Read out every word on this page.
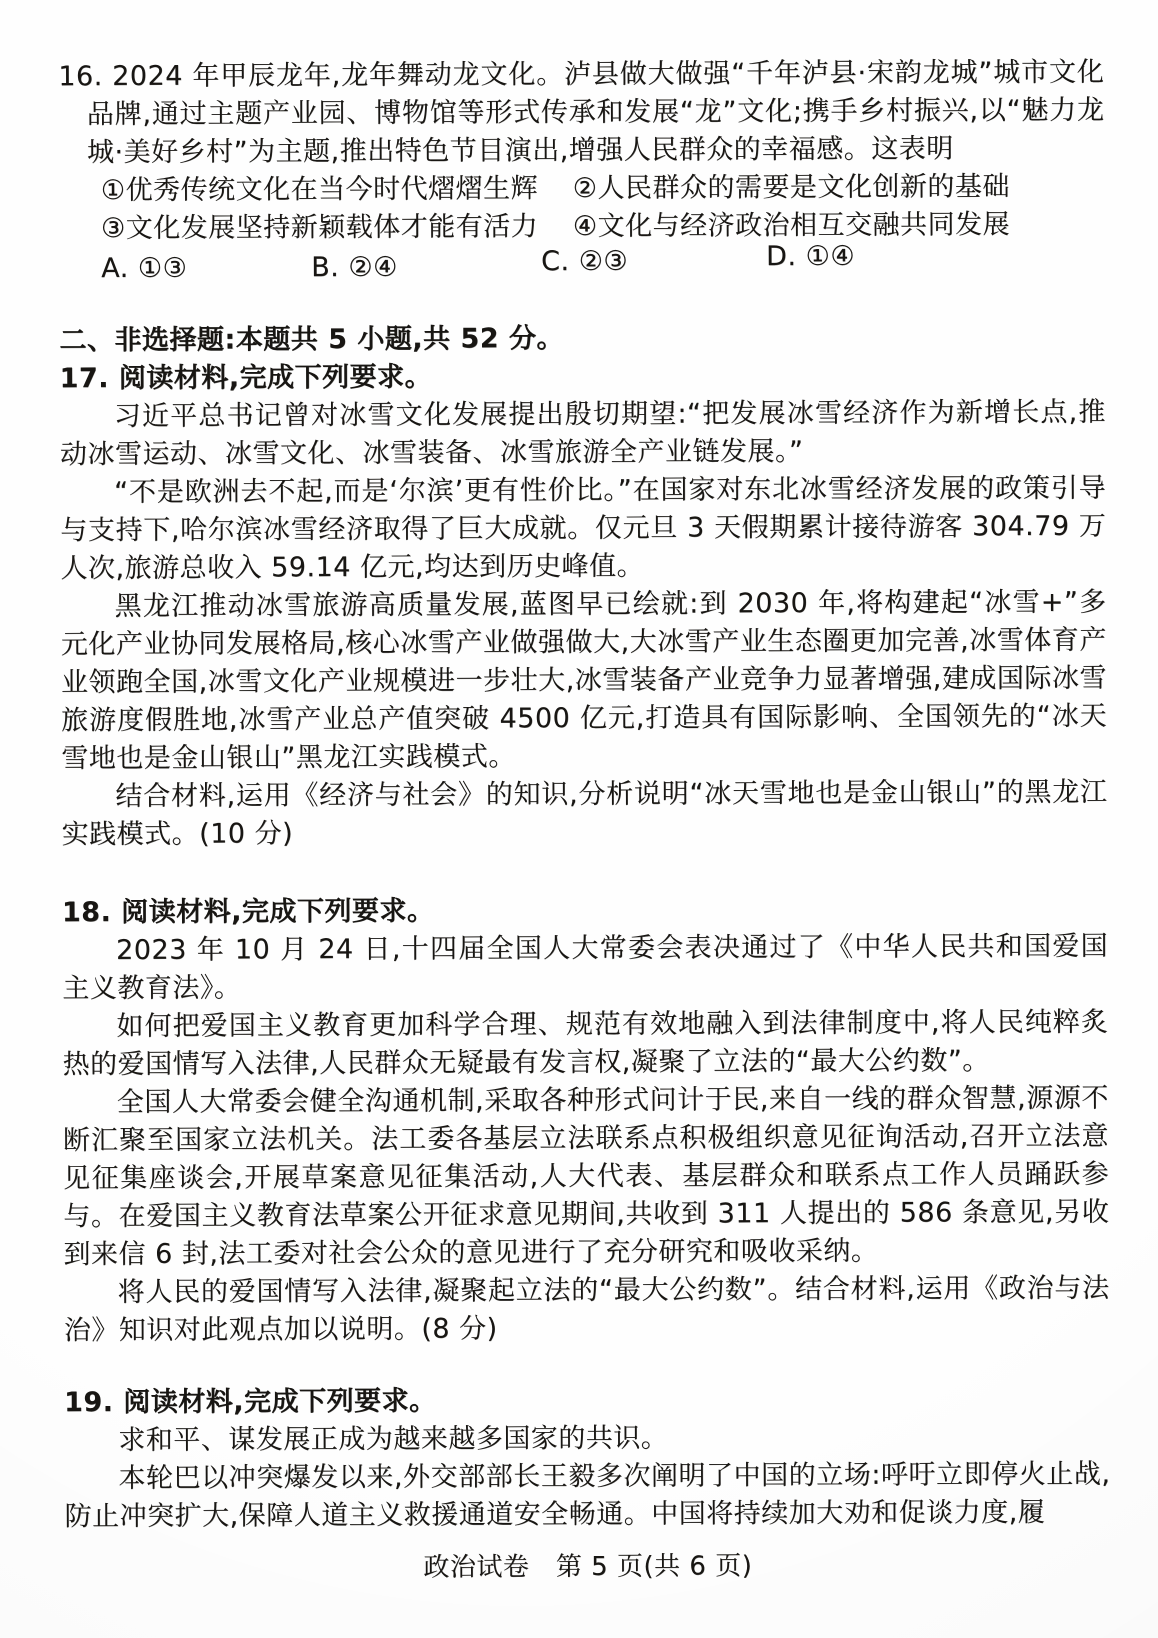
16. 2024 年甲辰龙年,龙年舞动龙文化。泸县做大做强“千年泸县·宋韵龙城”城市文化品牌,通过主题产业园、博物馆等形式传承和发展“龙”文化;携手乡村振兴,以“魅力龙城·美好乡村”为主题,推出特色节目演出,增强人民群众的幸福感。这表明

①优秀传统文化在当今时代熠熠生辉	②人民群众的需要是文化创新的基础
③文化发展坚持新颖载体才能有活力	④文化与经济政治相互交融共同发展
A. ①③	B. ②④	C. ②③	D. ①④
二、非选择题:本题共 5 小题,共 52 分。

17. 阅读材料,完成下列要求。

习近平总书记曾对冰雪文化发展提出殷切期望:“把发展冰雪经济作为新增长点,推动冰雪运动、冰雪文化、冰雪装备、冰雪旅游全产业链发展。”

“不是欧洲去不起,而是‘尔滨’更有性价比。”在国家对东北冰雪经济发展的政策引导与支持下,哈尔滨冰雪经济取得了巨大成就。仅元旦 3 天假期累计接待游客 304.79 万人次,旅游总收入 59.14 亿元,均达到历史峰值。

黑龙江推动冰雪旅游高质量发展,蓝图早已绘就:到 2030 年,将构建起“冰雪+”多元化产业协同发展格局,核心冰雪产业做强做大,大冰雪产业生态圈更加完善,冰雪体育产业领跑全国,冰雪文化产业规模进一步壮大,冰雪装备产业竞争力显著增强,建成国际冰雪旅游度假胜地,冰雪产业总产值突破 4500 亿元,打造具有国际影响、全国领先的“冰天雪地也是金山银山”黑龙江实践模式。

结合材料,运用《经济与社会》的知识,分析说明“冰天雪地也是金山银山”的黑龙江实践模式。(10 分)

18. 阅读材料,完成下列要求。

2023 年 10 月 24 日,十四届全国人大常委会表决通过了《中华人民共和国爱国主义教育法》。

如何把爱国主义教育更加科学合理、规范有效地融入到法律制度中,将人民纯粹炙热的爱国情写入法律,人民群众无疑最有发言权,凝聚了立法的“最大公约数”。

全国人大常委会健全沟通机制,采取各种形式问计于民,来自一线的群众智慧,源源不断汇聚至国家立法机关。法工委各基层立法联系点积极组织意见征询活动,召开立法意见征集座谈会,开展草案意见征集活动,人大代表、基层群众和联系点工作人员踊跃参与。在爱国主义教育法草案公开征求意见期间,共收到 311 人提出的 586 条意见,另收到来信 6 封,法工委对社会公众的意见进行了充分研究和吸收采纳。

将人民的爱国情写入法律,凝聚起立法的“最大公约数”。结合材料,运用《政治与法治》知识对此观点加以说明。(8 分)

19. 阅读材料,完成下列要求。

求和平、谋发展正成为越来越多国家的共识。

本轮巴以冲突爆发以来,外交部部长王毅多次阐明了中国的立场:呼吁立即停火止战,防止冲突扩大,保障人道主义救援通道安全畅通。中国将持续加大劝和促谈力度,履

政治试卷　第 5 页(共 6 页)
